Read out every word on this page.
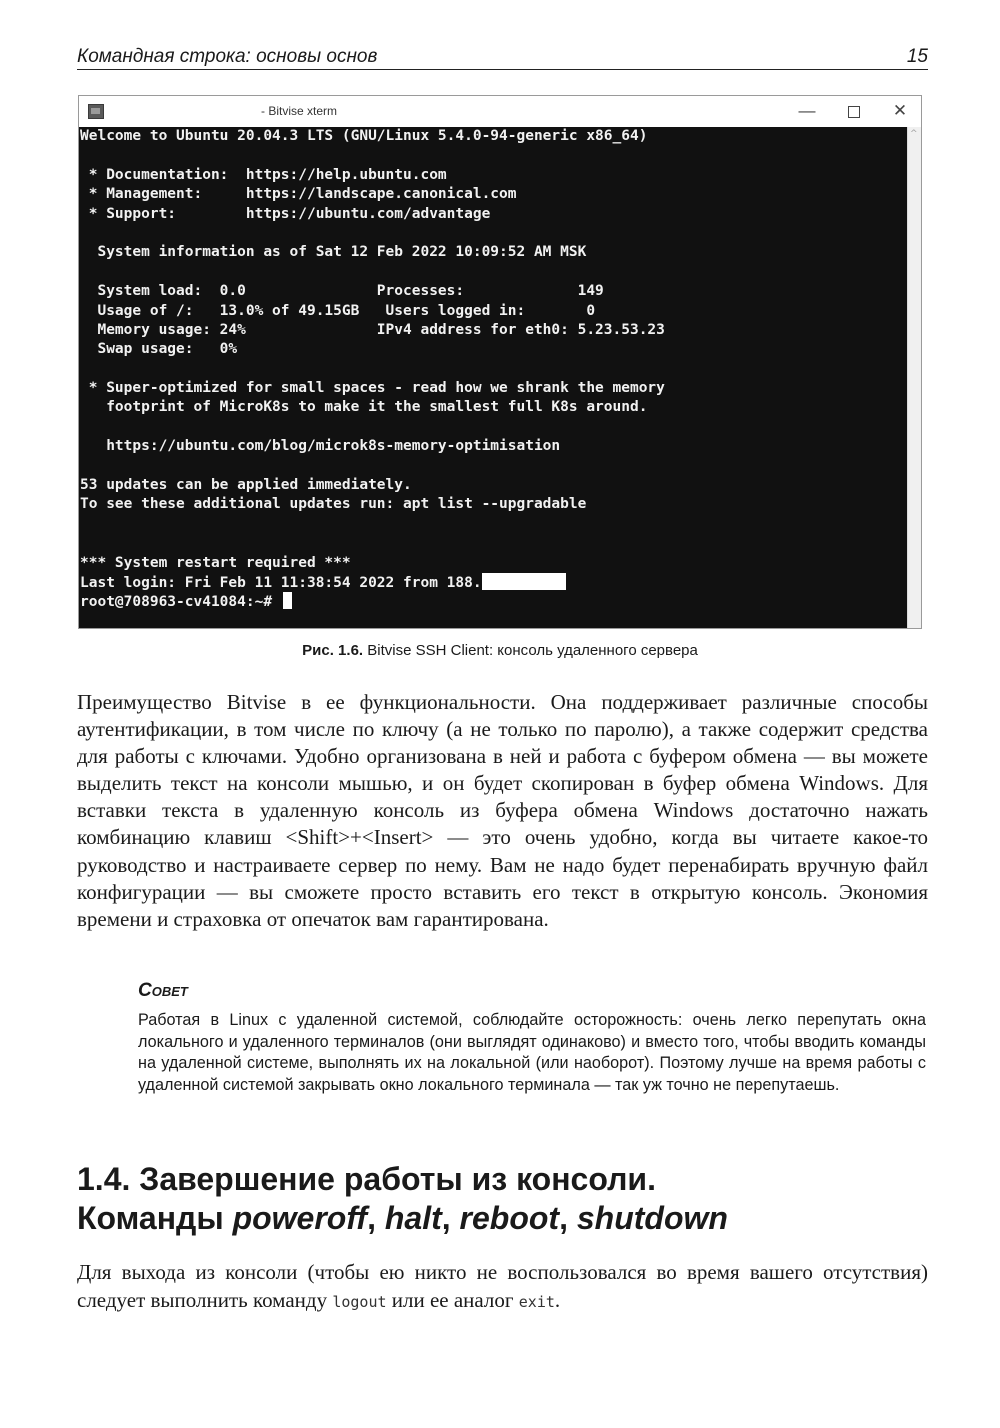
Командная строка: основы основ	15
- Bitvise xterm	—	✕
Welcome to Ubuntu 20.04.3 LTS (GNU/Linux 5.4.0-94-generic x86_64)
* Documentation:  https://help.ubuntu.com
* Management:     https://landscape.canonical.com
* Support:        https://ubuntu.com/advantage
System information as of Sat 12 Feb 2022 10:09:52 AM MSK
System load:  0.0               Processes:             149
Usage of /:   13.0% of 49.15GB   Users logged in:       0
Memory usage: 24%               IPv4 address for eth0: 5.23.53.23
Swap usage:   0%
* Super-optimized for small spaces - read how we shrank the memory
footprint of MicroK8s to make it the smallest full K8s around.
https://ubuntu.com/blog/microk8s-memory-optimisation
53 updates can be applied immediately.
To see these additional updates run: apt list --upgradable
*** System restart required ***
Last login: Fri Feb 11 11:38:54 2022 from 188.
root@708963-cv41084:~#
^
Рис. 1.6. Bitvise SSH Client: консоль удаленного сервера
Преимущество Bitvise в ее функциональности. Она поддерживает различные способы аутентификации, в том числе по ключу (а не только по паролю), а также содержит средства для работы с ключами. Удобно организована в ней и работа с буфером обмена — вы можете выделить текст на консоли мышью, и он будет скопирован в буфер обмена Windows. Для вставки текста в удаленную консоль из буфера обмена Windows достаточно нажать комбинацию клавиш <Shift>+<Insert> — это очень удобно, когда вы читаете какое-то руководство и настраиваете сервер по нему. Вам не надо будет перенабирать вручную файл конфигурации — вы сможете просто вставить его текст в открытую консоль. Экономия времени и страховка от опечаток вам гарантирована.
Совет
Работая в Linux с удаленной системой, соблюдайте осторожность: очень легко перепутать окна локального и удаленного терминалов (они выглядят одинаково) и вместо того, чтобы вводить команды на удаленной системе, выполнять их на локальной (или наоборот). Поэтому лучше на время работы с удаленной системой закрывать окно локального терминала — так уж точно не перепутаешь.
1.4. Завершение работы из консоли.
Команды poweroff, halt, reboot, shutdown
Для выхода из консоли (чтобы ею никто не воспользовался во время вашего отсутствия) следует выполнить команду logout или ее аналог exit.
